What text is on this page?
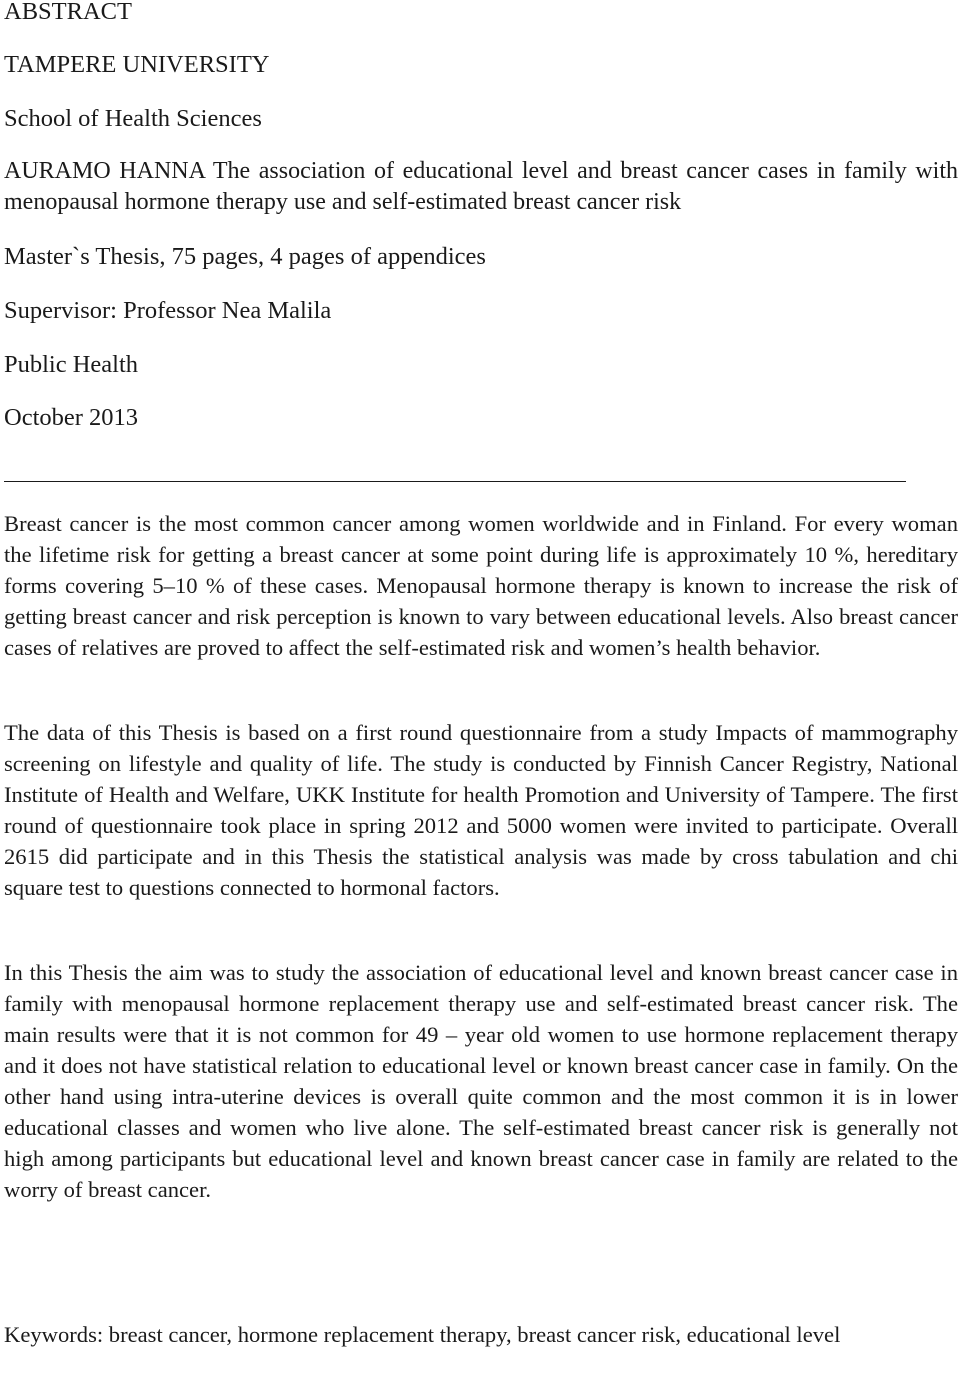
ABSTRACT

TAMPERE UNIVERSITY

School of Health Sciences

AURAMO HANNA The association of educational level and breast cancer cases in family with menopausal hormone therapy use and self-estimated breast cancer risk

Master`s Thesis, 75 pages, 4 pages of appendices

Supervisor: Professor Nea Malila

Public Health

October 2013

Breast cancer is the most common cancer among women worldwide and in Finland. For every woman the lifetime risk for getting a breast cancer at some point during life is approximately 10 %, hereditary forms covering 5–10 % of these cases. Menopausal hormone therapy is known to increase the risk of getting breast cancer and risk perception is known to vary between educational levels. Also breast cancer cases of relatives are proved to affect the self-estimated risk and women’s health behavior.

The data of this Thesis is based on a first round questionnaire from a study Impacts of mammography screening on lifestyle and quality of life. The study is conducted by Finnish Cancer Registry, National Institute of Health and Welfare, UKK Institute for health Promotion and University of Tampere. The first round of questionnaire took place in spring 2012 and 5000 women were invited to participate. Overall 2615 did participate and in this Thesis the statistical analysis was made by cross tabulation and chi square test to questions connected to hormonal factors.

In this Thesis the aim was to study the association of educational level and known breast cancer case in family with menopausal hormone replacement therapy use and self-estimated breast cancer risk. The main results were that it is not common for 49 – year old women to use hormone replacement therapy and it does not have statistical relation to educational level or known breast cancer case in family. On the other hand using intra-uterine devices is overall quite common and the most common it is in lower educational classes and women who live alone. The self-estimated breast cancer risk is generally not high among participants but educational level and known breast cancer case in family are related to the worry of breast cancer.

Keywords: breast cancer, hormone replacement therapy, breast cancer risk, educational level
